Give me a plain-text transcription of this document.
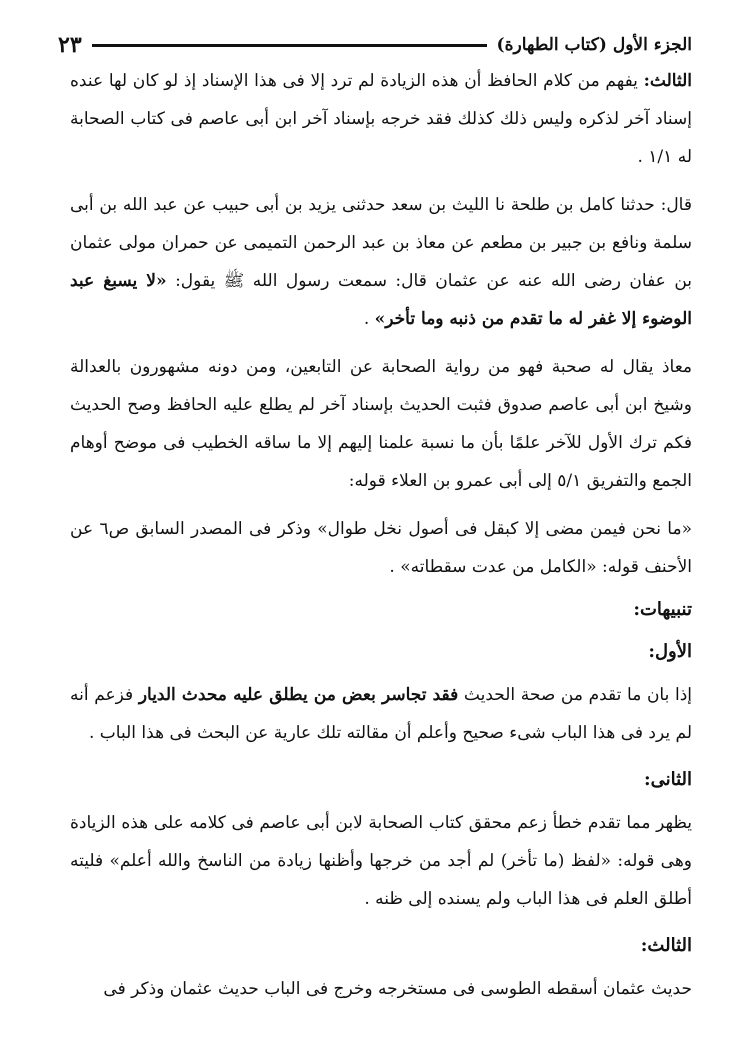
الجزء الأول (كتاب الطهارة)
٢٣

الثالث: يفهم من كلام الحافظ أن هذه الزيادة لم ترد إلا فى هذا الإسناد إذ لو كان لها عنده إسناد آخر لذكره وليس ذلك كذلك فقد خرجه بإسناد آخر ابن أبى عاصم فى كتاب الصحابة له ١/١ .

قال: حدثنا كامل بن طلحة نا الليث بن سعد حدثنى يزيد بن أبى حبيب عن عبد الله بن أبى سلمة ونافع بن جبير بن مطعم عن معاذ بن عبد الرحمن التميمى عن حمران مولى عثمان بن عفان رضى الله عنه عن عثمان قال: سمعت رسول الله ﷺ يقول: «لا يسبغ عبد الوضوء إلا غفر له ما تقدم من ذنبه وما تأخر» .

معاذ يقال له صحبة فهو من رواية الصحابة عن التابعين، ومن دونه مشهورون بالعدالة وشيخ ابن أبى عاصم صدوق فثبت الحديث بإسناد آخر لم يطلع عليه الحافظ وصح الحديث فكم ترك الأول للآخر علمًا بأن ما نسبة علمنا إليهم إلا ما ساقه الخطيب فى موضح أوهام الجمع والتفريق ٥/١ إلى أبى عمرو بن العلاء قوله:

«ما نحن فيمن مضى إلا كبقل فى أصول نخل طوال» وذكر فى المصدر السابق ص٦ عن الأحنف قوله: «الكامل من عدت سقطاته» .

تنبيهات:
الأول:

إذا بان ما تقدم من صحة الحديث فقد تجاسر بعض من يطلق عليه محدث الديار فزعم أنه لم يرد فى هذا الباب شىء صحيح وأعلم أن مقالته تلك عارية عن البحث فى هذا الباب .

الثانى:

يظهر مما تقدم خطأ زعم محقق كتاب الصحابة لابن أبى عاصم فى كلامه على هذه الزيادة وهى قوله: «لفظ (ما تأخر) لم أجد من خرجها وأظنها زيادة من الناسخ والله أعلم» فليته أطلق العلم فى هذا الباب ولم يسنده إلى ظنه .

الثالث:

حديث عثمان أسقطه الطوسى فى مستخرجه وخرج فى الباب حديث عثمان وذكر فى
